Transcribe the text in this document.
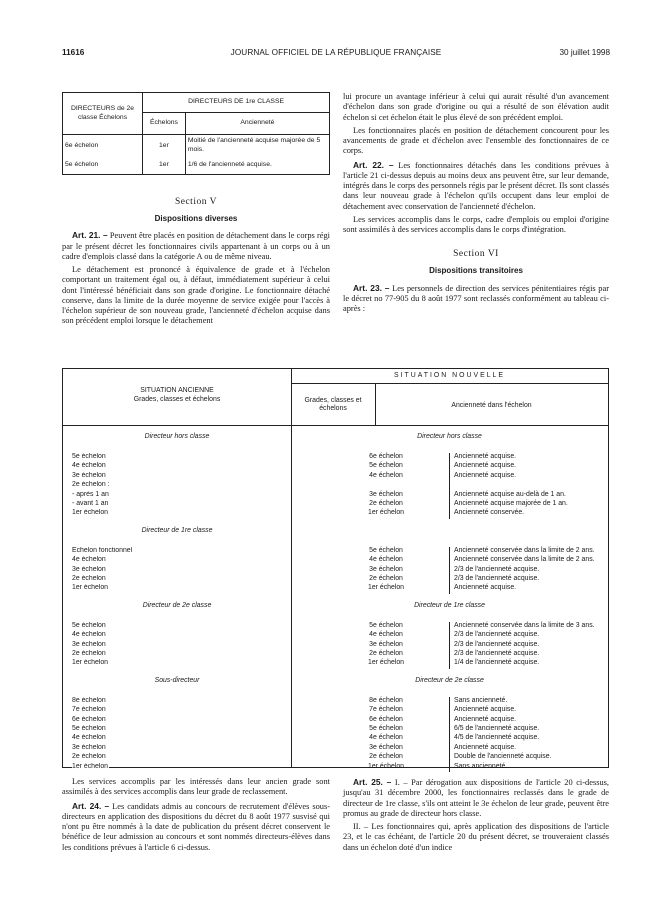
11616	JOURNAL OFFICIEL DE LA RÉPUBLIQUE FRANÇAISE	30 juillet 1998
DIRECTEURS de 2e classe Échelons	DIRECTEURS DE 1re CLASSE	
	Échelons	Ancienneté
6e échelon	1er	Moitié de l'ancienneté acquise majorée de 5 mois.
5e échelon	1er	1/6 de l'ancienneté acquise.
Section V
Dispositions diverses

Art. 21. – Peuvent être placés en position de détachement dans le corps régi par le présent décret les fonctionnaires civils appartenant à un corps ou à un cadre d'emplois classé dans la catégorie A ou de même niveau.

Le détachement est prononcé à équivalence de grade et à l'échelon comportant un traitement égal ou, à défaut, immédiatement supérieur à celui dont l'intéressé bénéficiait dans son grade d'origine. Le fonctionnaire détaché conserve, dans la limite de la durée moyenne de service exigée pour l'accès à l'échelon supérieur de son nouveau grade, l'ancienneté d'échelon acquise dans son précédent emploi lorsque le détachement

lui procure un avantage inférieur à celui qui aurait résulté d'un avancement d'échelon dans son grade d'origine ou qui a résulté de son élévation audit échelon si cet échelon était le plus élevé de son précédent emploi.

Les fonctionnaires placés en position de détachement concourent pour les avancements de grade et d'échelon avec l'ensemble des fonctionnaires de ce corps.

Art. 22. – Les fonctionnaires détachés dans les conditions prévues à l'article 21 ci-dessus depuis au moins deux ans peuvent être, sur leur demande, intégrés dans le corps des personnels régis par le présent décret. Ils sont classés dans leur nouveau grade à l'échelon qu'ils occupent dans leur emploi de détachement avec conservation de l'ancienneté d'échelon.

Les services accomplis dans le corps, cadre d'emplois ou emploi d'origine sont assimilés à des services accomplis dans le corps d'intégration.

Section VI
Dispositions transitoires

Art. 23. – Les personnels de direction des services pénitentiaires régis par le décret no 77-905 du 8 août 1977 sont reclassés conformément au tableau ci-après :

SITUATION ANCIENNE
Grades, classes et échelons
SITUATION NOUVELLE
Grades, classes et échelons	Ancienneté dans l'échelon
Directeur hors classe	Directeur hors classe
5e échelon	6e échelon	Ancienneté acquise.
4e échelon	5e échelon	Ancienneté acquise.
3e échelon	4e échelon	Ancienneté acquise.
2e échelon :
- après 1 an	3e échelon	Ancienneté acquise au-delà de 1 an.
- avant 1 an	2e échelon	Ancienneté acquise majorée de 1 an.
1er échelon	1er échelon	Ancienneté conservée.
Directeur de 1re classe
Échelon fonctionnel	5e échelon	Ancienneté conservée dans la limite de 2 ans.
4e échelon	4e échelon	Ancienneté conservée dans la limite de 2 ans.
3e échelon	3e échelon	2/3 de l'ancienneté acquise.
2e échelon	2e échelon	2/3 de l'ancienneté acquise.
1er échelon	1er échelon	Ancienneté acquise.
Directeur de 2e classe	Directeur de 1re classe
5e échelon	5e échelon	Ancienneté conservée dans la limite de 3 ans.
4e échelon	4e échelon	2/3 de l'ancienneté acquise.
3e échelon	3e échelon	2/3 de l'ancienneté acquise.
2e échelon	2e échelon	2/3 de l'ancienneté acquise.
1er échelon	1er échelon	1/4 de l'ancienneté acquise.
Sous-directeur	Directeur de 2e classe
8e échelon	8e échelon	Sans ancienneté.
7e échelon	7e échelon	Ancienneté acquise.
6e échelon	6e échelon	Ancienneté acquise.
5e échelon	5e échelon	6/5 de l'ancienneté acquise.
4e échelon	4e échelon	4/5 de l'ancienneté acquise.
3e échelon	3e échelon	Ancienneté acquise.
2e échelon	2e échelon	Double de l'ancienneté acquise.
1er échelon	1er échelon	Sans ancienneté.

Les services accomplis par les intéressés dans leur ancien grade sont assimilés à des services accomplis dans leur grade de reclassement.

Art. 24. – Les candidats admis au concours de recrutement d'élèves sous-directeurs en application des dispositions du décret du 8 août 1977 susvisé qui n'ont pu être nommés à la date de publication du présent décret conservent le bénéfice de leur admission au concours et sont nommés directeurs-élèves dans les conditions prévues à l'article 6 ci-dessus.

Art. 25. – I. – Par dérogation aux dispositions de l'article 20 ci-dessus, jusqu'au 31 décembre 2000, les fonctionnaires reclassés dans le grade de directeur de 1re classe, s'ils ont atteint le 3e échelon de leur grade, peuvent être promus au grade de directeur hors classe.

II. – Les fonctionnaires qui, après application des dispositions de l'article 23, et le cas échéant, de l'article 20 du présent décret, se trouveraient classés dans un échelon doté d'un indice
